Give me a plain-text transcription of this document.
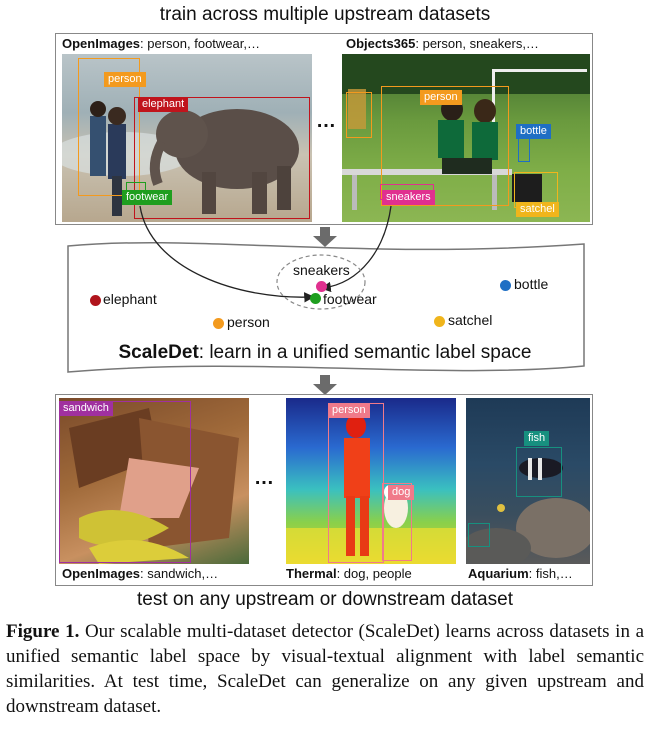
train across multiple upstream datasets
OpenImages: person, footwear,…	Objects365: person, sneakers,…
person
elephant
footwear
…
person
bottle
sneakers
satchel
sneakers
footwear
elephant
bottle
person	satchel
ScaleDet: learn in a unified semantic label space
sandwich
…
person
dog
fish
OpenImages: sandwich,…	Thermal: dog, people	Aquarium: fish,…
test on any upstream or downstream dataset
Figure 1. Our scalable multi-dataset detector (ScaleDet) learns across datasets in a unified semantic label space by visual-textual alignment with label semantic similarities. At test time, ScaleDet can generalize on any given upstream and downstream dataset.
